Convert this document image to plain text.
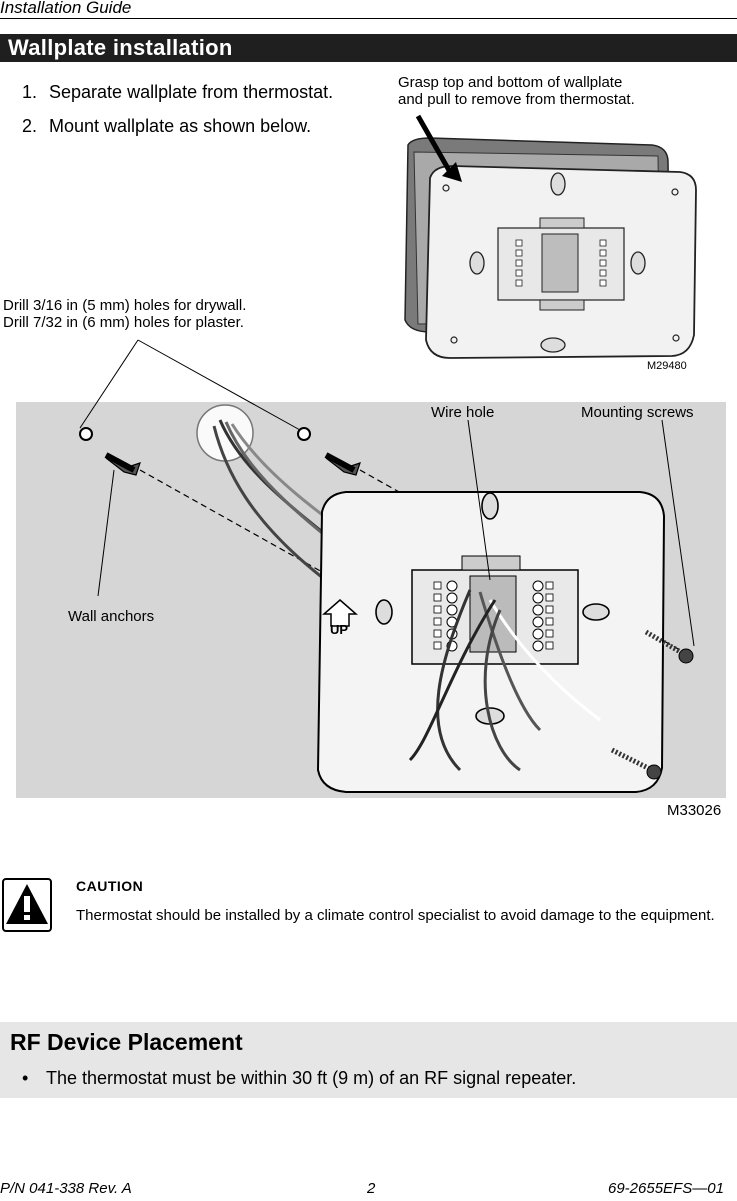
Installation Guide
Wallplate installation
1. Separate wallplate from thermostat.
2. Mount wallplate as shown below.
Grasp top and bottom of wallplate
and pull to remove from thermostat.
M29480
Drill 3/16 in (5 mm) holes for drywall.
Drill 7/32 in (6 mm) holes for plaster.
Wire hole	Mounting screws
Wall anchors
UP
M33026
CAUTION
Thermostat should be installed by a climate control specialist to avoid damage to the equipment.
RF Device Placement
• The thermostat must be within 30 ft (9 m) of an RF signal repeater.
P/N 041-338 Rev. A	2	69-2655EFS—01
